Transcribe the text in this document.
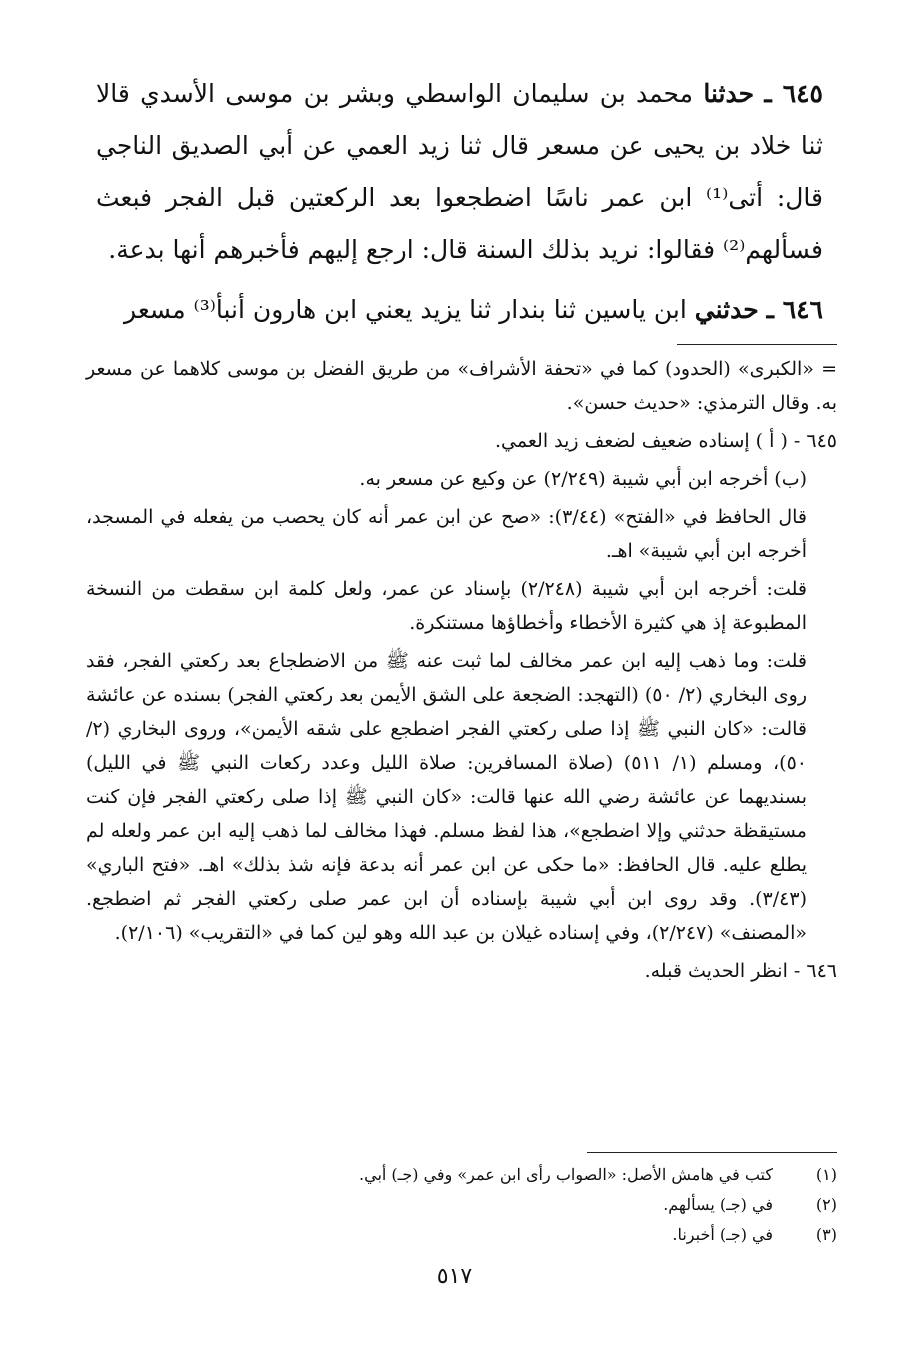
٦٤٥ ـ حدثنا محمد بن سليمان الواسطي وبشر بن موسى الأسدي قالا ثنا خلاد بن يحيى عن مسعر قال ثنا زيد العمي عن أبي الصديق الناجي قال: أتى⁽¹⁾ ابن عمر ناسًا اضطجعوا بعد الركعتين قبل الفجر فبعث فسألهم⁽²⁾ فقالوا: نريد بذلك السنة قال: ارجع إليهم فأخبرهم أنها بدعة.

٦٤٦ ـ حدثني ابن ياسين ثنا بندار ثنا يزيد يعني ابن هارون أنبأ⁽³⁾ مسعر

= «الكبرى» (الحدود) كما في «تحفة الأشراف» من طريق الفضل بن موسى كلاهما عن مسعر به. وقال الترمذي: «حديث حسن».

٦٤٥ - ( أ ) إسناده ضعيف لضعف زيد العمي.

(ب) أخرجه ابن أبي شيبة (٢/٢٤٩) عن وكيع عن مسعر به.

قال الحافظ في «الفتح» (٣/٤٤): «صح عن ابن عمر أنه كان يحصب من يفعله في المسجد، أخرجه ابن أبي شيبة» اهـ.

قلت: أخرجه ابن أبي شيبة (٢/٢٤٨) بإسناد عن عمر، ولعل كلمة ابن سقطت من النسخة المطبوعة إذ هي كثيرة الأخطاء وأخطاؤها مستنكرة.

قلت: وما ذهب إليه ابن عمر مخالف لما ثبت عنه ﷺ من الاضطجاع بعد ركعتي الفجر، فقد روى البخاري (٢/ ٥٠) (التهجد: الضجعة على الشق الأيمن بعد ركعتي الفجر) بسنده عن عائشة قالت: «كان النبي ﷺ إذا صلى ركعتي الفجر اضطجع على شقه الأيمن»، وروى البخاري (٢/ ٥٠)، ومسلم (١/ ٥١١) (صلاة المسافرين: صلاة الليل وعدد ركعات النبي ﷺ في الليل) بسنديهما عن عائشة رضي الله عنها قالت: «كان النبي ﷺ إذا صلى ركعتي الفجر فإن كنت مستيقظة حدثني وإلا اضطجع»، هذا لفظ مسلم. فهذا مخالف لما ذهب إليه ابن عمر ولعله لم يطلع عليه. قال الحافظ: «ما حكى عن ابن عمر أنه بدعة فإنه شذ بذلك» اهـ. «فتح الباري» (٣/٤٣). وقد روى ابن أبي شيبة بإسناده أن ابن عمر صلى ركعتي الفجر ثم اضطجع. «المصنف» (٢/٢٤٧)، وفي إسناده غيلان بن عبد الله وهو لين كما في «التقريب» (٢/١٠٦).

٦٤٦ - انظر الحديث قبله.

(١)
كتب في هامش الأصل: «الصواب رأى ابن عمر» وفي (جـ) أبي.
(٢)
في (جـ) يسألهم.
(٣)
في (جـ) أخبرنا.
٥١٧
